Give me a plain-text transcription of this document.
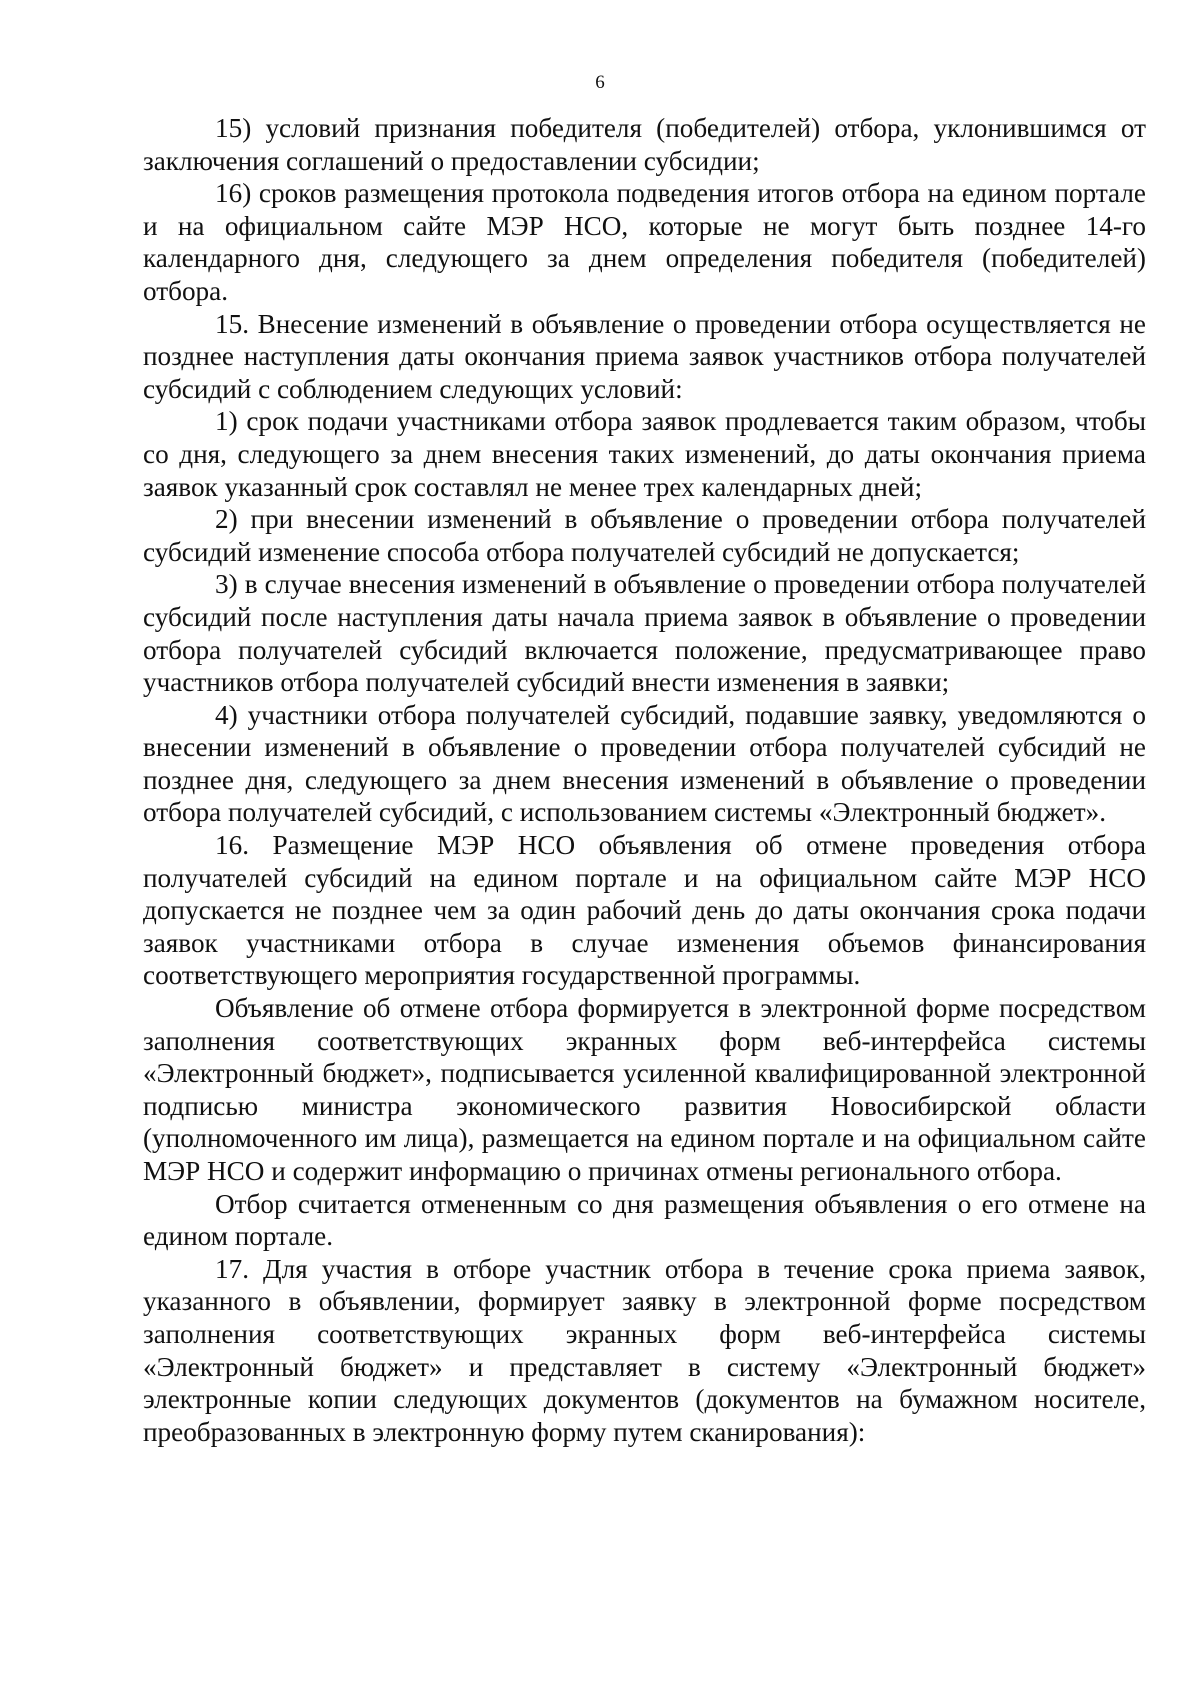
6

15) условий признания победителя (победителей) отбора, уклонившимся от заключения соглашений о предоставлении субсидии;

16) сроков размещения протокола подведения итогов отбора на едином портале и на официальном сайте МЭР НСО, которые не могут быть позднее 14-го календарного дня, следующего за днем определения победителя (победителей) отбора.

15. Внесение изменений в объявление о проведении отбора осуществляется не позднее наступления даты окончания приема заявок участников отбора получателей субсидий с соблюдением следующих условий:

1) срок подачи участниками отбора заявок продлевается таким образом, чтобы со дня, следующего за днем внесения таких изменений, до даты окончания приема заявок указанный срок составлял не менее трех календарных дней;

2) при внесении изменений в объявление о проведении отбора получателей субсидий изменение способа отбора получателей субсидий не допускается;

3) в случае внесения изменений в объявление о проведении отбора получателей субсидий после наступления даты начала приема заявок в объявление о проведении отбора получателей субсидий включается положение, предусматривающее право участников отбора получателей субсидий внести изменения в заявки;

4) участники отбора получателей субсидий, подавшие заявку, уведомляются о внесении изменений в объявление о проведении отбора получателей субсидий не позднее дня, следующего за днем внесения изменений в объявление о проведении отбора получателей субсидий, с использованием системы «Электронный бюджет».

16. Размещение МЭР НСО объявления об отмене проведения отбора получателей субсидий на едином портале и на официальном сайте МЭР НСО допускается не позднее чем за один рабочий день до даты окончания срока подачи заявок участниками отбора в случае изменения объемов финансирования соответствующего мероприятия государственной программы.

Объявление об отмене отбора формируется в электронной форме посредством заполнения соответствующих экранных форм веб-интерфейса системы «Электронный бюджет», подписывается усиленной квалифицированной электронной подписью министра экономического развития Новосибирской области (уполномоченного им лица), размещается на едином портале и на официальном сайте МЭР НСО и содержит информацию о причинах отмены регионального отбора.

Отбор считается отмененным со дня размещения объявления о его отмене на едином портале.

17. Для участия в отборе участник отбора в течение срока приема заявок, указанного в объявлении, формирует заявку в электронной форме посредством заполнения соответствующих экранных форм веб-интерфейса системы «Электронный бюджет» и представляет в систему «Электронный бюджет» электронные копии следующих документов (документов на бумажном носителе, преобразованных в электронную форму путем сканирования):
